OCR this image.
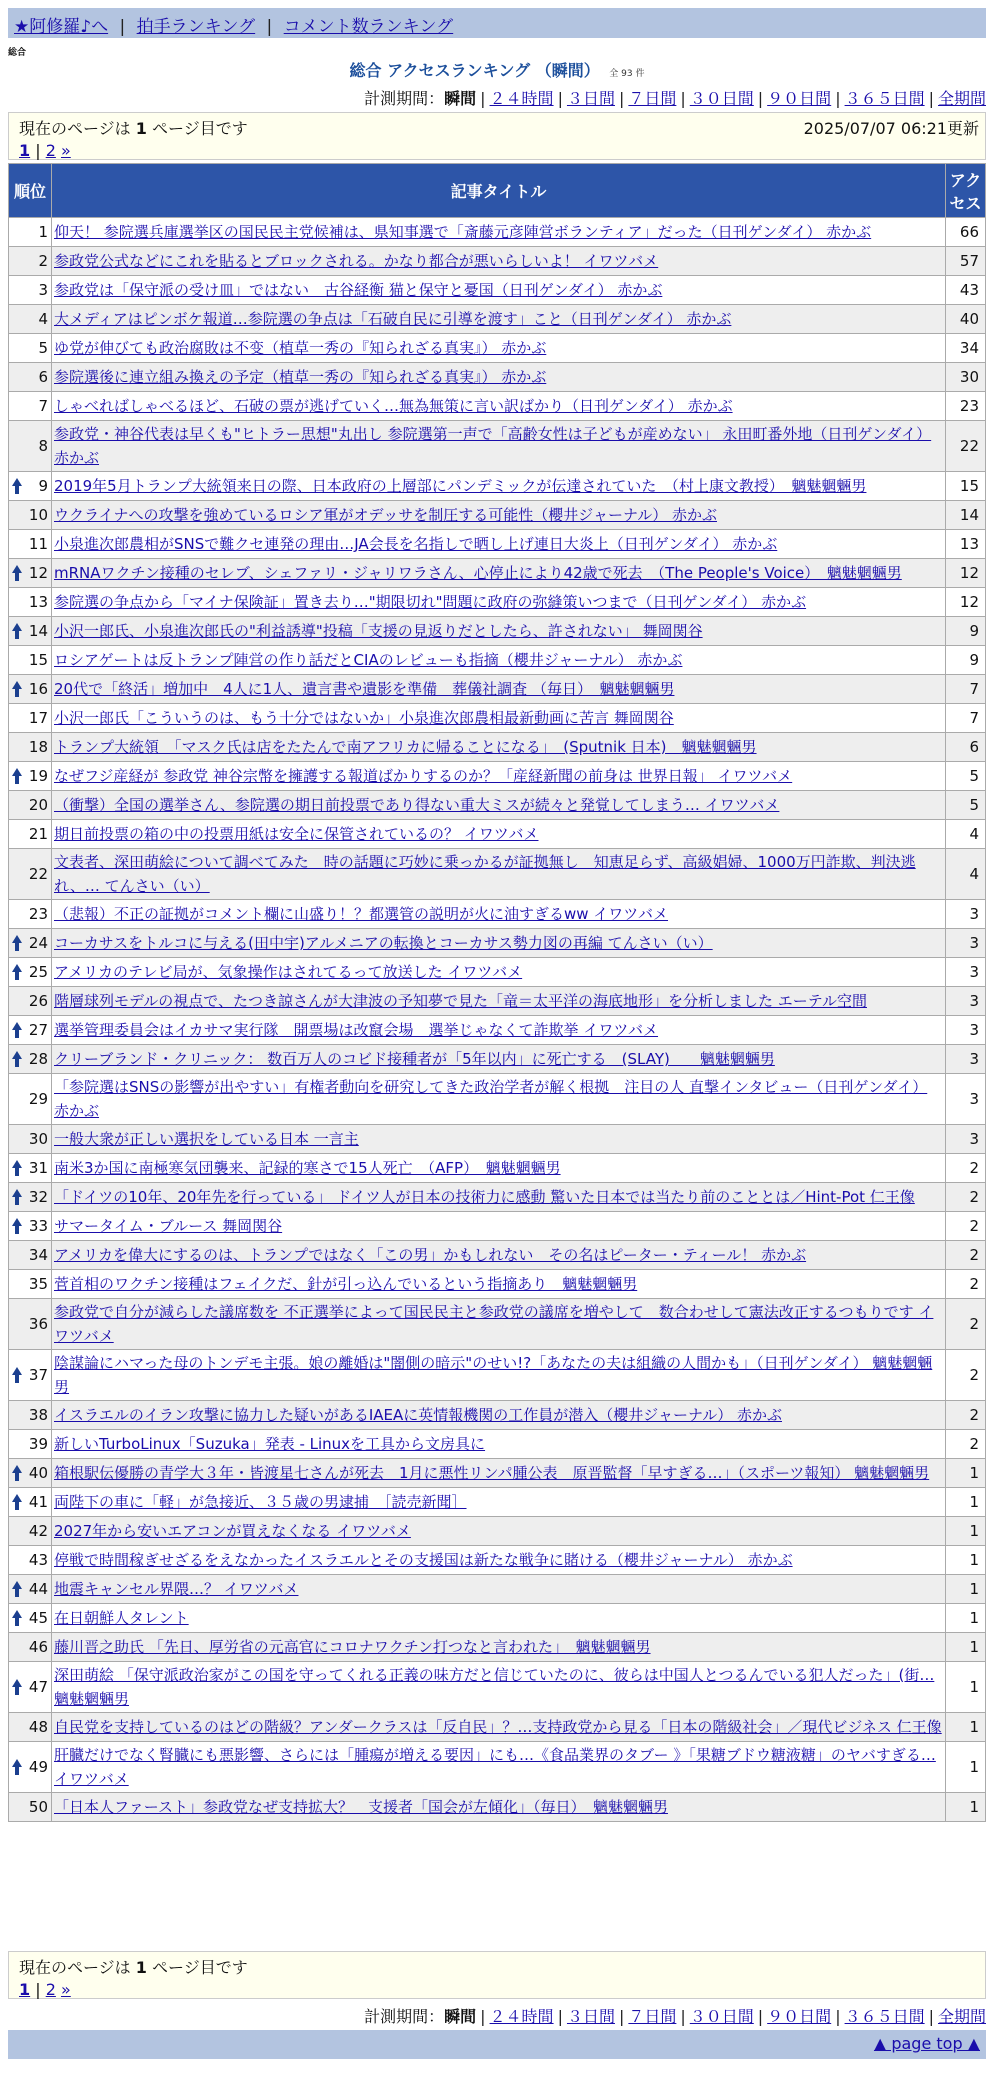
★阿修羅♪へ | 拍手ランキング | コメント数ランキング
総合
総合 アクセスランキング （瞬間） 全 93 件
計測期間：瞬間 | ２４時間 | ３日間 | ７日間 | ３０日間 | ９０日間 | ３６５日間 | 全期間
現在のページは 1 ページ目です	2025/07/07 06:21更新
1 | 2 »
順位	記事タイトル	アクセス
1	仰天！ 参院選兵庫選挙区の国民民主党候補は、県知事選で「斎藤元彦陣営ボランティア」だった（日刊ゲンダイ） 赤かぶ	66
2	参政党公式などにこれを貼るとブロックされる。かなり都合が悪いらしいよ！ イワツバメ	57
3	参政党は「保守派の受け皿」ではない　古谷経衡 猫と保守と憂国（日刊ゲンダイ） 赤かぶ	43
4	大メディアはピンボケ報道…参院選の争点は「石破自民に引導を渡す」こと（日刊ゲンダイ） 赤かぶ	40
5	ゆ党が伸びても政治腐敗は不变（植草一秀の『知られざる真実』） 赤かぶ	34
6	参院選後に連立組み換えの予定（植草一秀の『知られざる真実』） 赤かぶ	30
7	しゃべればしゃべるほど、石破の票が逃げていく…無為無策に言い訳ばかり（日刊ゲンダイ） 赤かぶ	23
8	参政党・神谷代表は早くも"ヒトラー思想"丸出し 参院選第一声で「高齢女性は子どもが産めない」 永田町番外地（日刊ゲンダイ） 赤かぶ	22

9	2019年5月トランプ大統領来日の際、日本政府の上層部にパンデミックが伝達されていた　（村上康文教授）　魑魅魍魎男	15
10	ウクライナへの攻撃を強めているロシア軍がオデッサを制圧する可能性（櫻井ジャーナル） 赤かぶ	14
11	小泉進次郎農相がSNSで難クセ連発の理由…JA会長を名指しで晒し上げ連日大炎上（日刊ゲンダイ） 赤かぶ	13

12	mRNAワクチン接種のセレブ、シェファリ・ジャリワラさん、心停止により42歳で死去　（The People's Voice）　魑魅魍魎男	12
13	参院選の争点から「マイナ保険証」置き去り…"期限切れ"問題に政府の弥縫策いつまで（日刊ゲンダイ） 赤かぶ	12

14	小沢一郎氏、小泉進次郎氏の"利益誘導"投稿「支援の見返りだとしたら、許されない」 舞岡関谷	9
15	ロシアゲートは反トランプ陣営の作り話だとCIAのレビューも指摘（櫻井ジャーナル） 赤かぶ	9

16	20代で「終活」増加中　4人に1人、遺言書や遺影を準備　葬儀社調査 （毎日）　魑魅魍魎男	7
17	小沢一郎氏「こういうのは、もう十分ではないか」小泉進次郎農相最新動画に苦言 舞岡関谷	7
18	トランプ大統領　「マスク氏は店をたたんで南アフリカに帰ることになる」　(Sputnik 日本)　魑魅魍魎男	6

19	なぜフジ産経が 参政党 神谷宗幣を擁護する報道ばかりするのか？「産経新聞の前身は 世界日報」 イワツバメ	5
20	（衝撃）全国の選挙さん、参院選の期日前投票であり得ない重大ミスが続々と発覚してしまう… イワツバメ	5
21	期日前投票の箱の中の投票用紙は安全に保管されているの？ イワツバメ	4
22	文表者、深田萌絵について調べてみた　時の話題に巧妙に乗っかるが証拠無し　知恵足らず、高級娼婦、1000万円詐欺、判決逃れ、… てんさい（い）	4
23	（悲報）不正の証拠がコメント欄に山盛り！？都選管の説明が火に油すぎるww イワツバメ	3

24	コーカサスをトルコに与える(田中宇)アルメニアの転換とコーカサス勢力図の再編 てんさい（い）	3

25	アメリカのテレビ局が、気象操作はされてるって放送した イワツバメ	3
26	階層球列モデルの視点で、たつき諒さんが大津波の予知夢で見た「竜＝太平洋の海底地形」を分析しました エーテル空間	3

27	選挙管理委員会はイカサマ実行隊　開票場は改竄会場　選挙じゃなくて詐欺挙 イワツバメ	3

28	クリーブランド・クリニック： 数百万人のコビド接種者が「5年以内」に死亡する　(SLAY)　　魑魅魍魎男	3
29	「参院選はSNSの影響が出やすい」有権者動向を研究してきた政治学者が解く根拠　注目の人 直撃インタビュー（日刊ゲンダイ） 赤かぶ	3
30	一般大衆が正しい選択をしている日本 一言主	3

31	南米3か国に南極寒気団襲来、記録的寒さで15人死亡　（AFP）　魑魅魍魎男	2

32	「ドイツの10年、20年先を行っている」 ドイツ人が日本の技術力に感動 驚いた日本では当たり前のこととは／Hint-Pot 仁王像	2

33	サマータイム・ブルース 舞岡関谷	2
34	アメリカを偉大にするのは、トランプではなく「この男」かもしれない　その名はピーター・ティール！ 赤かぶ	2
35	菅首相のワクチン接種はフェイクだ、針が引っ込んでいるという指摘あり　魑魅魍魎男	2
36	参政党で自分が減らした議席数を 不正選挙によって国民民主と参政党の議席を増やして　数合わせして憲法改正するつもりです イワツバメ	2

37	陰謀論にハマった母のトンデモ主張。娘の離婚は"闇側の暗示"のせい!?「あなたの夫は組織の人間かも」（日刊ゲンダイ） 魑魅魍魎男	2
38	イスラエルのイラン攻撃に協力した疑いがあるIAEAに英情報機関の工作員が潜入（櫻井ジャーナル） 赤かぶ	2
39	新しいTurboLinux「Suzuka」発表 - Linuxを工具から文房具に	2

40	箱根駅伝優勝の青学大３年・皆渡星七さんが死去　1月に悪性リンパ腫公表　原晋監督「早すぎる…」（スポーツ報知） 魑魅魍魎男	1

41	両陛下の車に「軽」が急接近、３５歳の男逮捕　［読売新聞］	1
42	2027年から安いエアコンが買えなくなる イワツバメ	1
43	停戦で時間稼ぎせざるをえなかったイスラエルとその支援国は新たな戦争に賭ける（櫻井ジャーナル） 赤かぶ	1

44	地震キャンセル界隈…？ イワツバメ	1

45	在日朝鮮人タレント	1
46	藤川晋之助氏 「先日、厚労省の元高官にコロナワクチン打つなと言われた」　魑魅魍魎男	1

47	深田萌絵 「保守派政治家がこの国を守ってくれる正義の味方だと信じていたのに、彼らは中国人とつるんでいる犯人だった」(街… 魑魅魍魎男	1
48	自民党を支持しているのはどの階級？アンダークラスは「反自民」？…支持政党から見る「日本の階級社会」／現代ビジネス 仁王像	1

49	肝臓だけでなく腎臓にも悪影響、さらには「腫瘍が増える要因」にも…《食品業界のタブー 》「果糖ブドウ糖液糖」のヤバすぎる… イワツバメ	1
50	「日本人ファースト」参政党なぜ支持拡大？　支援者「国会が左傾化」（毎日）　魑魅魍魎男	1
現在のページは 1 ページ目です
1 | 2 »
計測期間：瞬間 | ２４時間 | ３日間 | ７日間 | ３０日間 | ９０日間 | ３６５日間 | 全期間
▲ page top ▲
